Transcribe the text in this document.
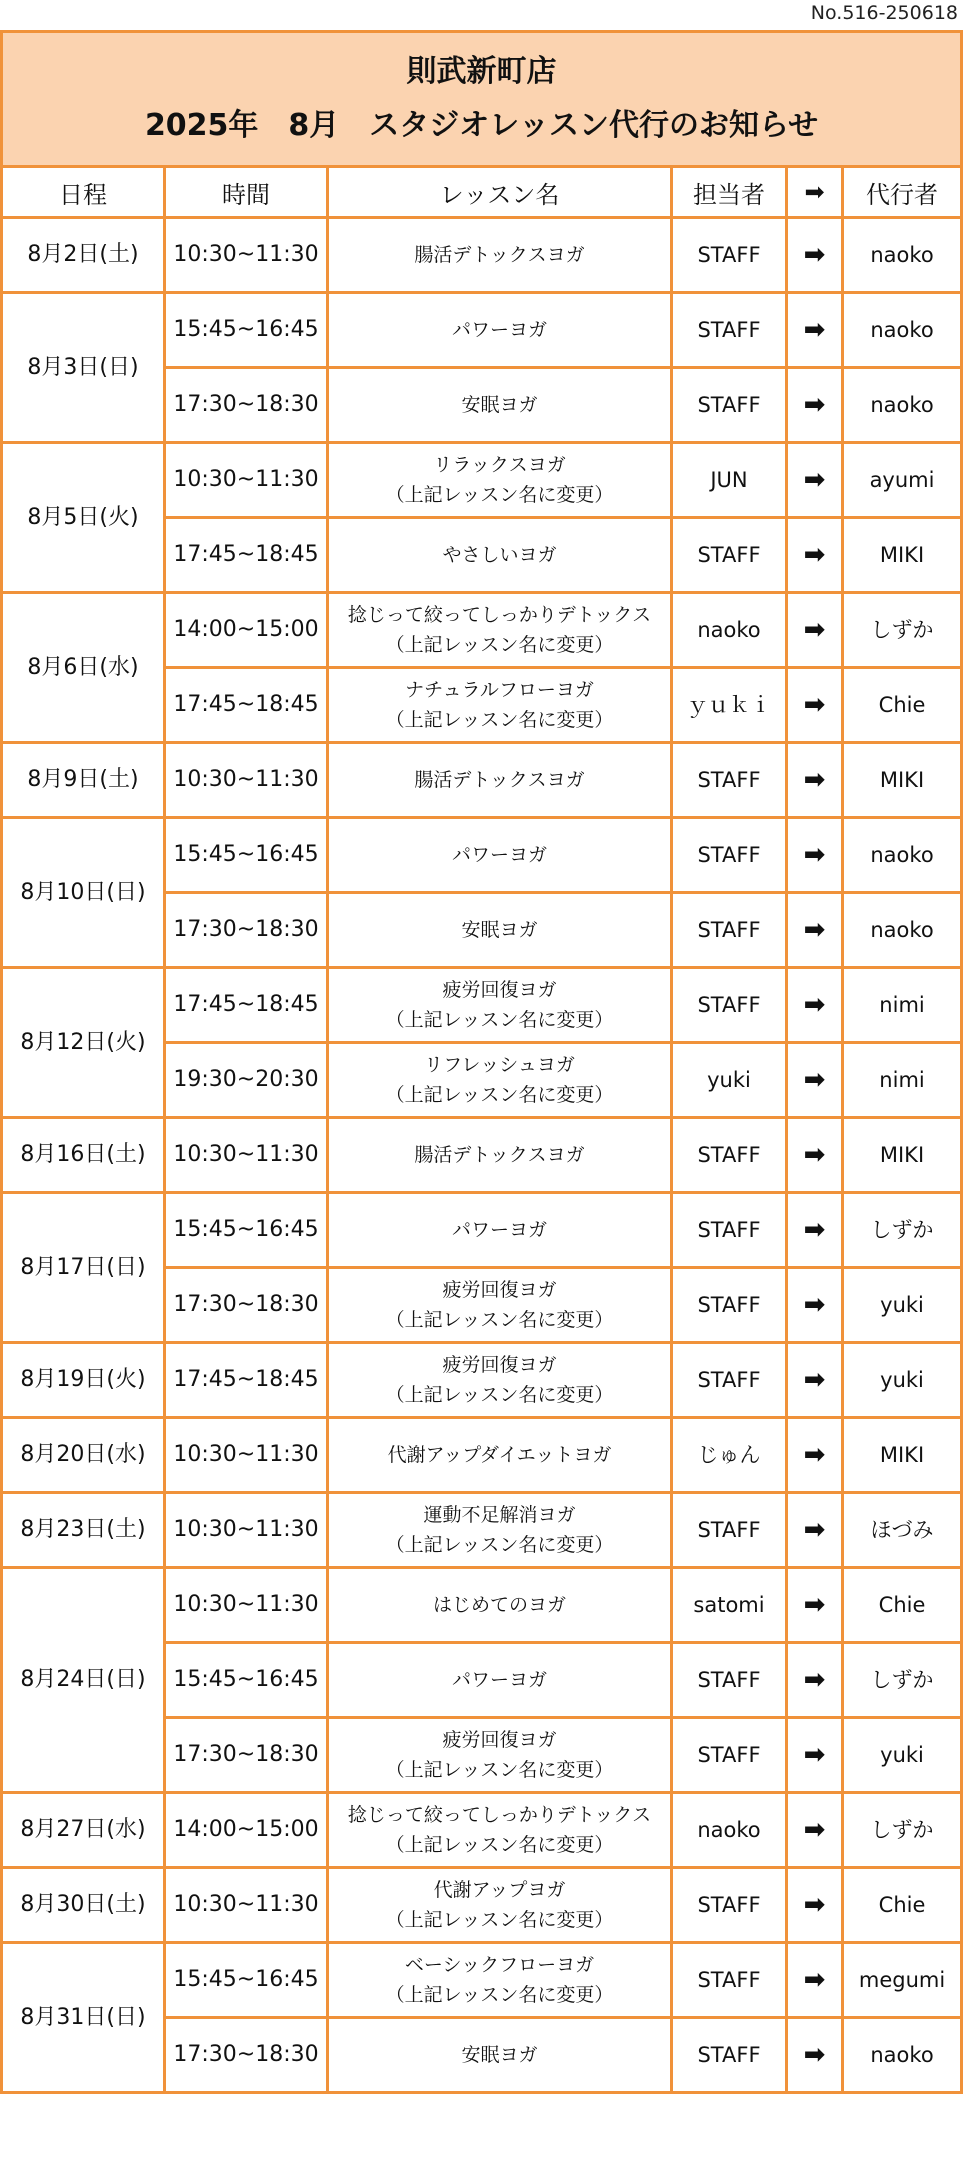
No.516-250618
則武新町店
2025年　8月　スタジオレッスン代行のお知らせ					

日程	時間	レッスン名	担当者	➡	代行者
8月2日(土)	10:30~11:30	腸活デトックスヨガ	STAFF	➡	naoko
8月3日(日)	15:45~16:45	パワーヨガ	STAFF	➡	naoko
	17:30~18:30	安眠ヨガ	STAFF	➡	naoko
8月5日(火)	10:30~11:30	リラックスヨガ
（上記レッスン名に変更）	JUN	➡	ayumi
	17:45~18:45	やさしいヨガ	STAFF	➡	MIKI
8月6日(水)	14:00~15:00	捻じって絞ってしっかりデトックス
（上記レッスン名に変更）	naoko	➡	しずか
	17:45~18:45	ナチュラルフローヨガ
（上記レッスン名に変更）	ｙｕｋｉ	➡	Chie
8月9日(土)	10:30~11:30	腸活デトックスヨガ	STAFF	➡	MIKI
8月10日(日)	15:45~16:45	パワーヨガ	STAFF	➡	naoko
	17:30~18:30	安眠ヨガ	STAFF	➡	naoko
8月12日(火)	17:45~18:45	疲労回復ヨガ
（上記レッスン名に変更）	STAFF	➡	nimi
	19:30~20:30	リフレッシュヨガ
（上記レッスン名に変更）	yuki	➡	nimi
8月16日(土)	10:30~11:30	腸活デトックスヨガ	STAFF	➡	MIKI
8月17日(日)	15:45~16:45	パワーヨガ	STAFF	➡	しずか
	17:30~18:30	疲労回復ヨガ
（上記レッスン名に変更）	STAFF	➡	yuki
8月19日(火)	17:45~18:45	疲労回復ヨガ
（上記レッスン名に変更）	STAFF	➡	yuki
8月20日(水)	10:30~11:30	代謝アップダイエットヨガ	じゅん	➡	MIKI
8月23日(土)	10:30~11:30	運動不足解消ヨガ
（上記レッスン名に変更）	STAFF	➡	ほづみ
8月24日(日)	10:30~11:30	はじめてのヨガ	satomi	➡	Chie
	15:45~16:45	パワーヨガ	STAFF	➡	しずか
	17:30~18:30	疲労回復ヨガ
（上記レッスン名に変更）	STAFF	➡	yuki
8月27日(水)	14:00~15:00	捻じって絞ってしっかりデトックス
（上記レッスン名に変更）	naoko	➡	しずか
8月30日(土)	10:30~11:30	代謝アップヨガ
（上記レッスン名に変更）	STAFF	➡	Chie
8月31日(日)	15:45~16:45	ベーシックフローヨガ
（上記レッスン名に変更）	STAFF	➡	megumi
	17:30~18:30	安眠ヨガ	STAFF	➡	naoko
